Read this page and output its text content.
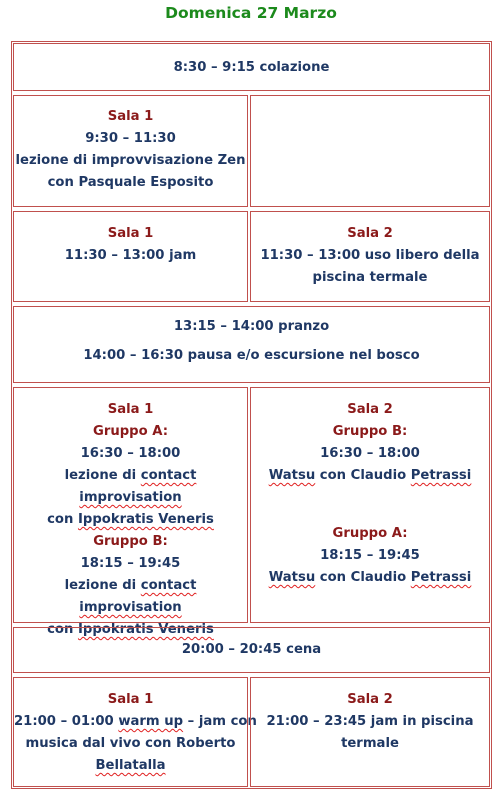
Domenica 27 Marzo
8:30 – 9:15 colazione
Sala 1
9:30 – 11:30
lezione di improvvisazione Zen
con Pasquale Esposito
Sala 1
11:30 – 13:00 jam
Sala 2
11:30 – 13:00 uso libero della
piscina termale
13:15 – 14:00 pranzo
14:00 – 16:30 pausa e/o escursione nel bosco
Sala 1
Gruppo A:
16:30 – 18:00
lezione di contact improvisation
con Ippokratis Veneris
Gruppo B:
18:15 – 19:45
lezione di contact improvisation
con Ippokratis Veneris
Sala 2
Gruppo B:
16:30 – 18:00
Watsu con Claudio Petrassi
Gruppo A:
18:15 – 19:45
Watsu con Claudio Petrassi
20:00 – 20:45 cena
Sala 1
21:00 – 01:00 warm up – jam con
musica dal vivo con Roberto
Bellatalla
Sala 2
21:00 – 23:45 jam in piscina
termale
